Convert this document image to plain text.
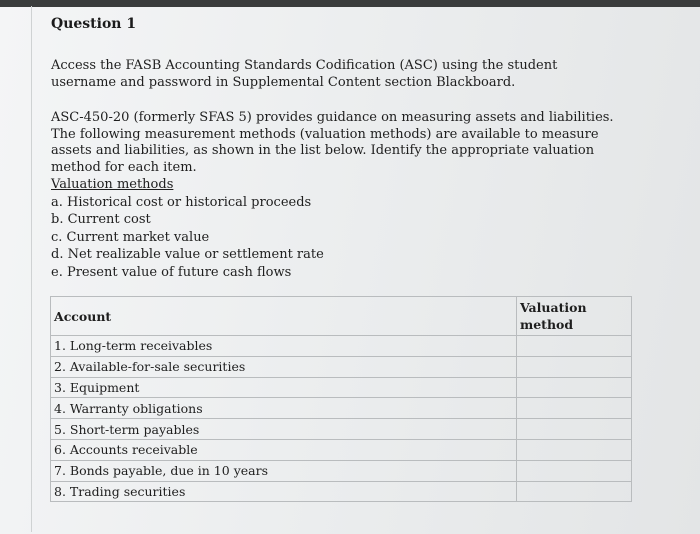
Question 1
Access the FASB Accounting Standards Codification (ASC) using the student username and password in Supplemental Content section Blackboard.
ASC-450-20 (formerly SFAS 5) provides guidance on measuring assets and liabilities. The following measurement methods (valuation methods) are available to measure assets and liabilities, as shown in the list below. Identify the appropriate valuation method for each item.
Valuation methods
a. Historical cost or historical proceeds
b. Current cost
c. Current market value
d. Net realizable value or settlement rate
e. Present value of future cash flows
Account	Valuation
method

1. Long-term receivables	
2. Available-for-sale securities	
3. Equipment	
4. Warranty obligations	
5. Short-term payables	
6. Accounts receivable	
7. Bonds payable, due in 10 years	
8. Trading securities	
